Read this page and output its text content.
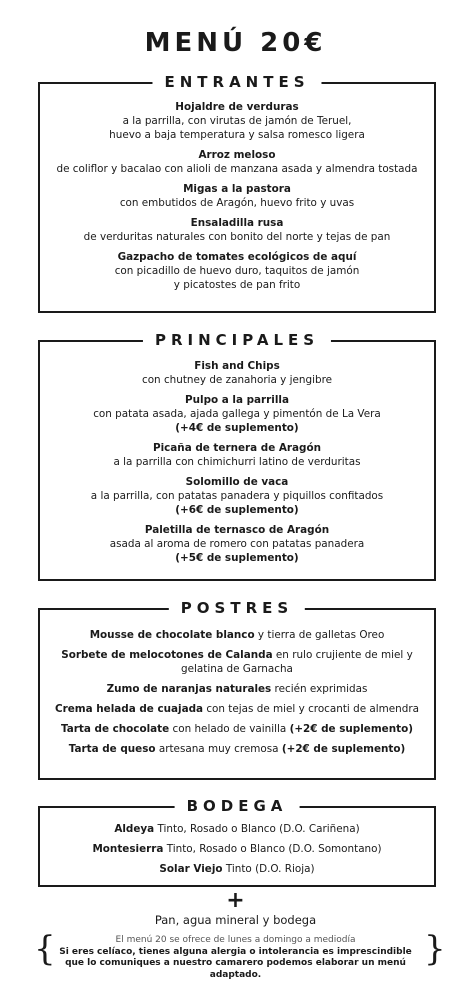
MENÚ 20€
ENTRANTES
Hojaldre de verduras
a la parrilla, con virutas de jamón de Teruel,
huevo a baja temperatura y salsa romesco ligera
Arroz meloso
de coliflor y bacalao con alioli de manzana asada y almendra tostada
Migas a la pastora
con embutidos de Aragón, huevo frito y uvas
Ensaladilla rusa
de verduritas naturales con bonito del norte y tejas de pan
Gazpacho de tomates ecológicos de aquí
con picadillo de huevo duro, taquitos de jamón
y picatostes de pan frito
PRINCIPALES
Fish and Chips
con chutney de zanahoria y jengibre
Pulpo a la parrilla
con patata asada, ajada gallega y pimentón de La Vera
(+4€ de suplemento)
Picaña de ternera de Aragón
a la parrilla con chimichurri latino de verduritas
Solomillo de vaca
a la parrilla, con patatas panadera y piquillos confitados
(+6€ de suplemento)
Paletilla de ternasco de Aragón
asada al aroma de romero con patatas panadera
(+5€ de suplemento)
POSTRES
Mousse de chocolate blanco y tierra de galletas Oreo
Sorbete de melocotones de Calanda en rulo crujiente de miel y
gelatina de Garnacha
Zumo de naranjas naturales recién exprimidas
Crema helada de cuajada con tejas de miel y crocanti de almendra
Tarta de chocolate con helado de vainilla (+2€ de suplemento)
Tarta de queso artesana muy cremosa (+2€ de suplemento)
BODEGA
Aldeya Tinto, Rosado o Blanco (D.O. Cariñena)
Montesierra Tinto, Rosado o Blanco (D.O. Somontano)
Solar Viejo Tinto (D.O. Rioja)
+
Pan, agua mineral y bodega
{	}
El menú 20 se ofrece de lunes a domingo a mediodía
Si eres celíaco, tienes alguna alergia o intolerancia es imprescindible
que lo comuniques a nuestro camarero podemos elaborar un menú adaptado.
